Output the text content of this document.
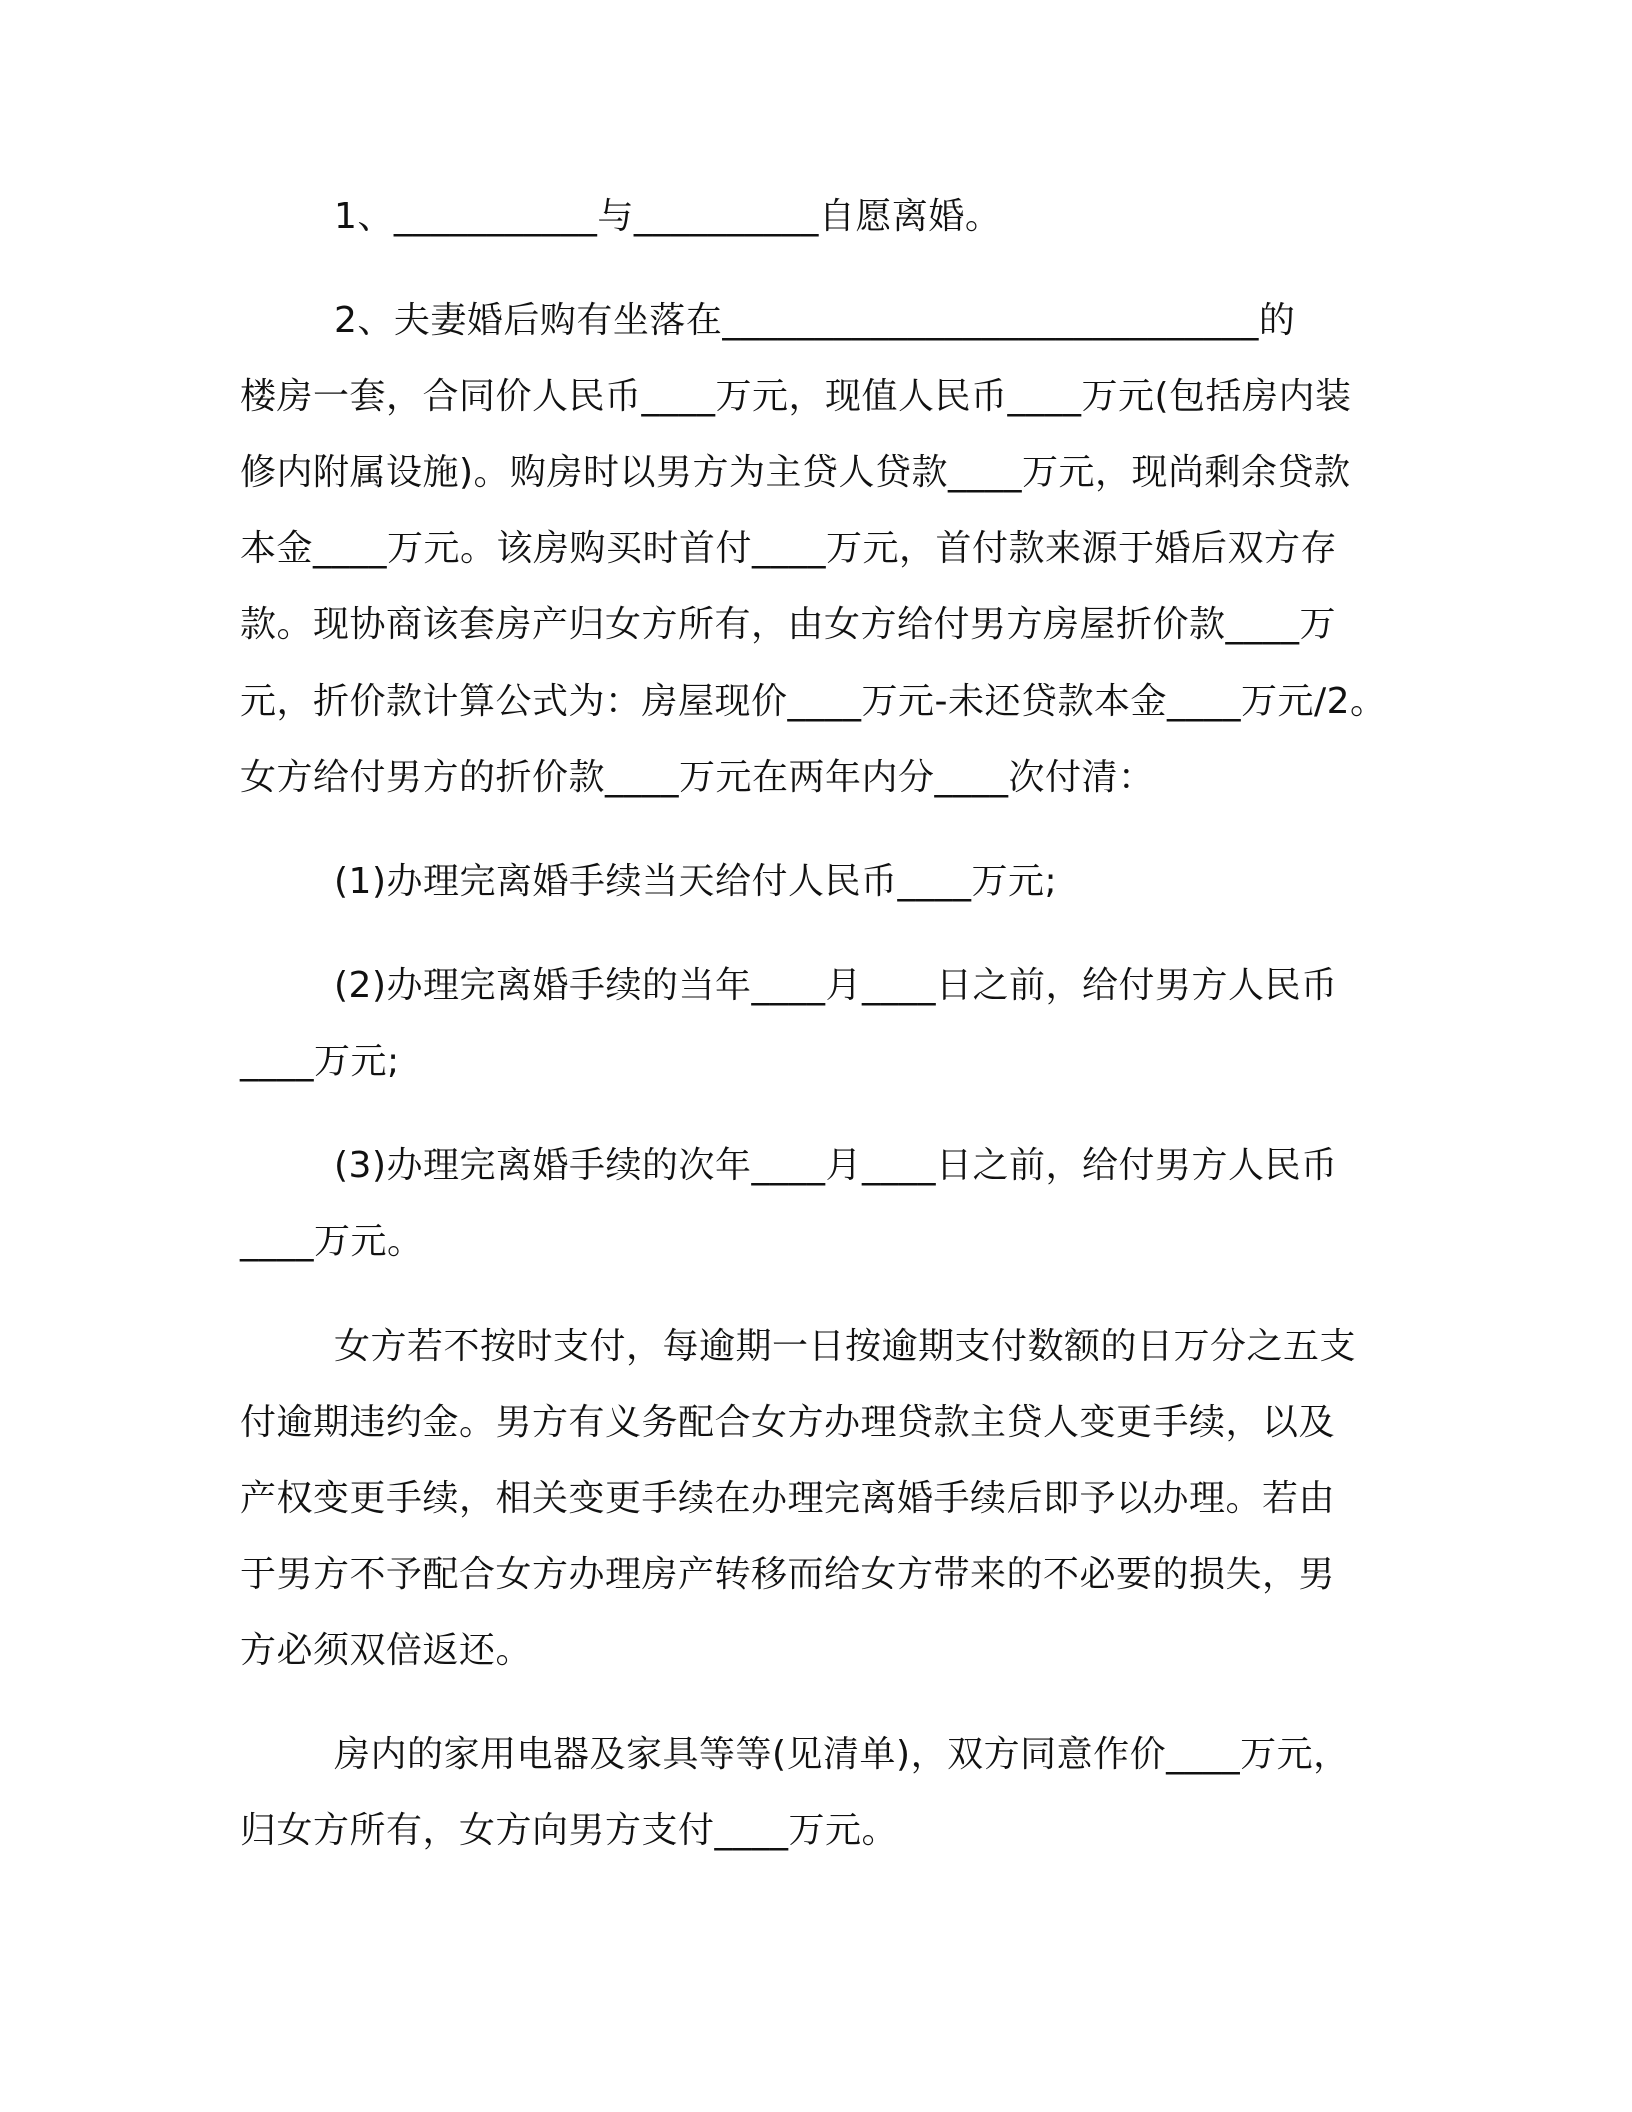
1、___________与__________自愿离婚。

2、夫妻婚后购有坐落在_____________________________的

楼房一套，合同价人民币____万元，现值人民币____万元(包括房内装

修内附属设施)。购房时以男方为主贷人贷款____万元，现尚剩余贷款

本金____万元。该房购买时首付____万元，首付款来源于婚后双方存

款。现协商该套房产归女方所有，由女方给付男方房屋折价款____万

元，折价款计算公式为：房屋现价____万元-未还贷款本金____万元/2。

女方给付男方的折价款____万元在两年内分____次付清：

(1)办理完离婚手续当天给付人民币____万元;

(2)办理完离婚手续的当年____月____日之前，给付男方人民币

____万元;

(3)办理完离婚手续的次年____月____日之前，给付男方人民币

____万元。

女方若不按时支付，每逾期一日按逾期支付数额的日万分之五支

付逾期违约金。男方有义务配合女方办理贷款主贷人变更手续，以及

产权变更手续，相关变更手续在办理完离婚手续后即予以办理。若由

于男方不予配合女方办理房产转移而给女方带来的不必要的损失，男

方必须双倍返还。

房内的家用电器及家具等等(见清单)，双方同意作价____万元，

归女方所有，女方向男方支付____万元。
